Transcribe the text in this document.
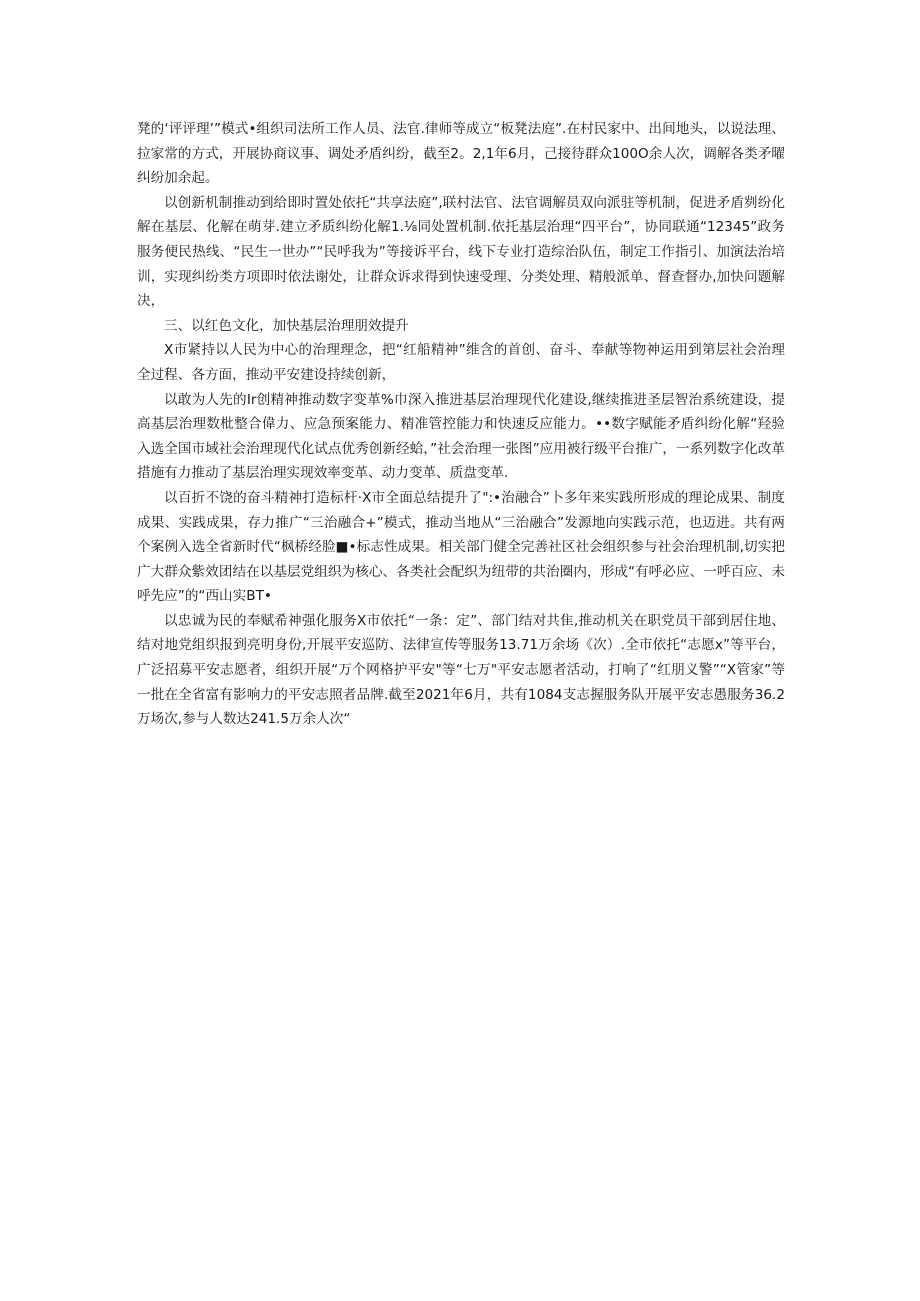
凳的‘评评理’”模式•组织司法所工作人员、法官.律师等成立“板凳法庭”.在村民家中、出间地头，以说法理、拉家常的方式，开展协商议事、调处矛盾纠纷，截至2。2,1年6月，己接待群众100O余人次，调解各类矛曜纠纷加余起。

以创新机制推动到给即时置处依托“共享法庭”,联村法官、法官调解员双向派驻等机制，促进矛盾刿纷化解在基层、化解在萌芽.建立矛质纠纷化解1.⅛同处置机制.依托基层治理“四平台”，协同联通“12345”政务服务便民热线、“民生一世办”“民呼我为”等接诉平台，线下专业打造综治队伍，制定工作指引、加演法治培训，实现纠纷类方项即时依法谢处，让群众诉求得到快速受理、分类处理、精般派单、督查督办,加快问题解决，

三、以红色文化，加快基层治理朋效提升

X市紧持以人民为中心的治理理念，把“红船精神”维含的首创、奋斗、奉献等物神运用到第层社会治理全过程、各方面，推动平安建设持续创新，

以敢为人先的Ir创精神推动数字变革%巾深入推进基层治理现代化建设,继续推进圣层智治系统建设，提高基层治理数枇整合偉力、应急预案能力、精准管控能力和快速反应能力。••数字赋能矛盾纠纷化解“羟验入选全国市域社会治理现代化试点优秀创新经蛤，”社会治理一张图”应用被行级平台推广，一系列数字化改革措施有力推动了基层治理实现效率变革、动力变革、质盘变革.

以百折不饶的奋斗精神打造标杆·X市全面总结提升了":•治融合”卜多年来实践所形成的理论成果、制度成果、实践成果，存力推广“三治融合+”模式，推动当地从“三治融合”发源地向实践示范，也迈进。共有两个案例入选全省新时代“枫桥经脸■•标志性成果。相关部门健全完善社区社会组织参与社会治理机制,切实把广大群众紫效团结在以基层党组织为核心、各类社会配织为纽带的共治圈内，形成“有呼必应、一呼百应、未呼先应”的“西山实BT•

以忠诚为民的奉赋希神强化服务X市依托“一条：定”、部门结对共隹,推动机关在职党员干部到居住地、结对地党组织报到亮明身份,开展平安巡防、法律宣传等服务13.71万余场《次）.全市依托“志愿x”等平台，广泛招募平安志愿者，组织开展“万个网格护平安"等“七万"平安志愿者活动，打响了“红朋义警”“X管家”等一批在全省富有影响力的平安志照者品牌.截至2021年6月，共有1084支志握服务队开展平安志愚服务36.2万场次,参与人数达241.5万余人次“
